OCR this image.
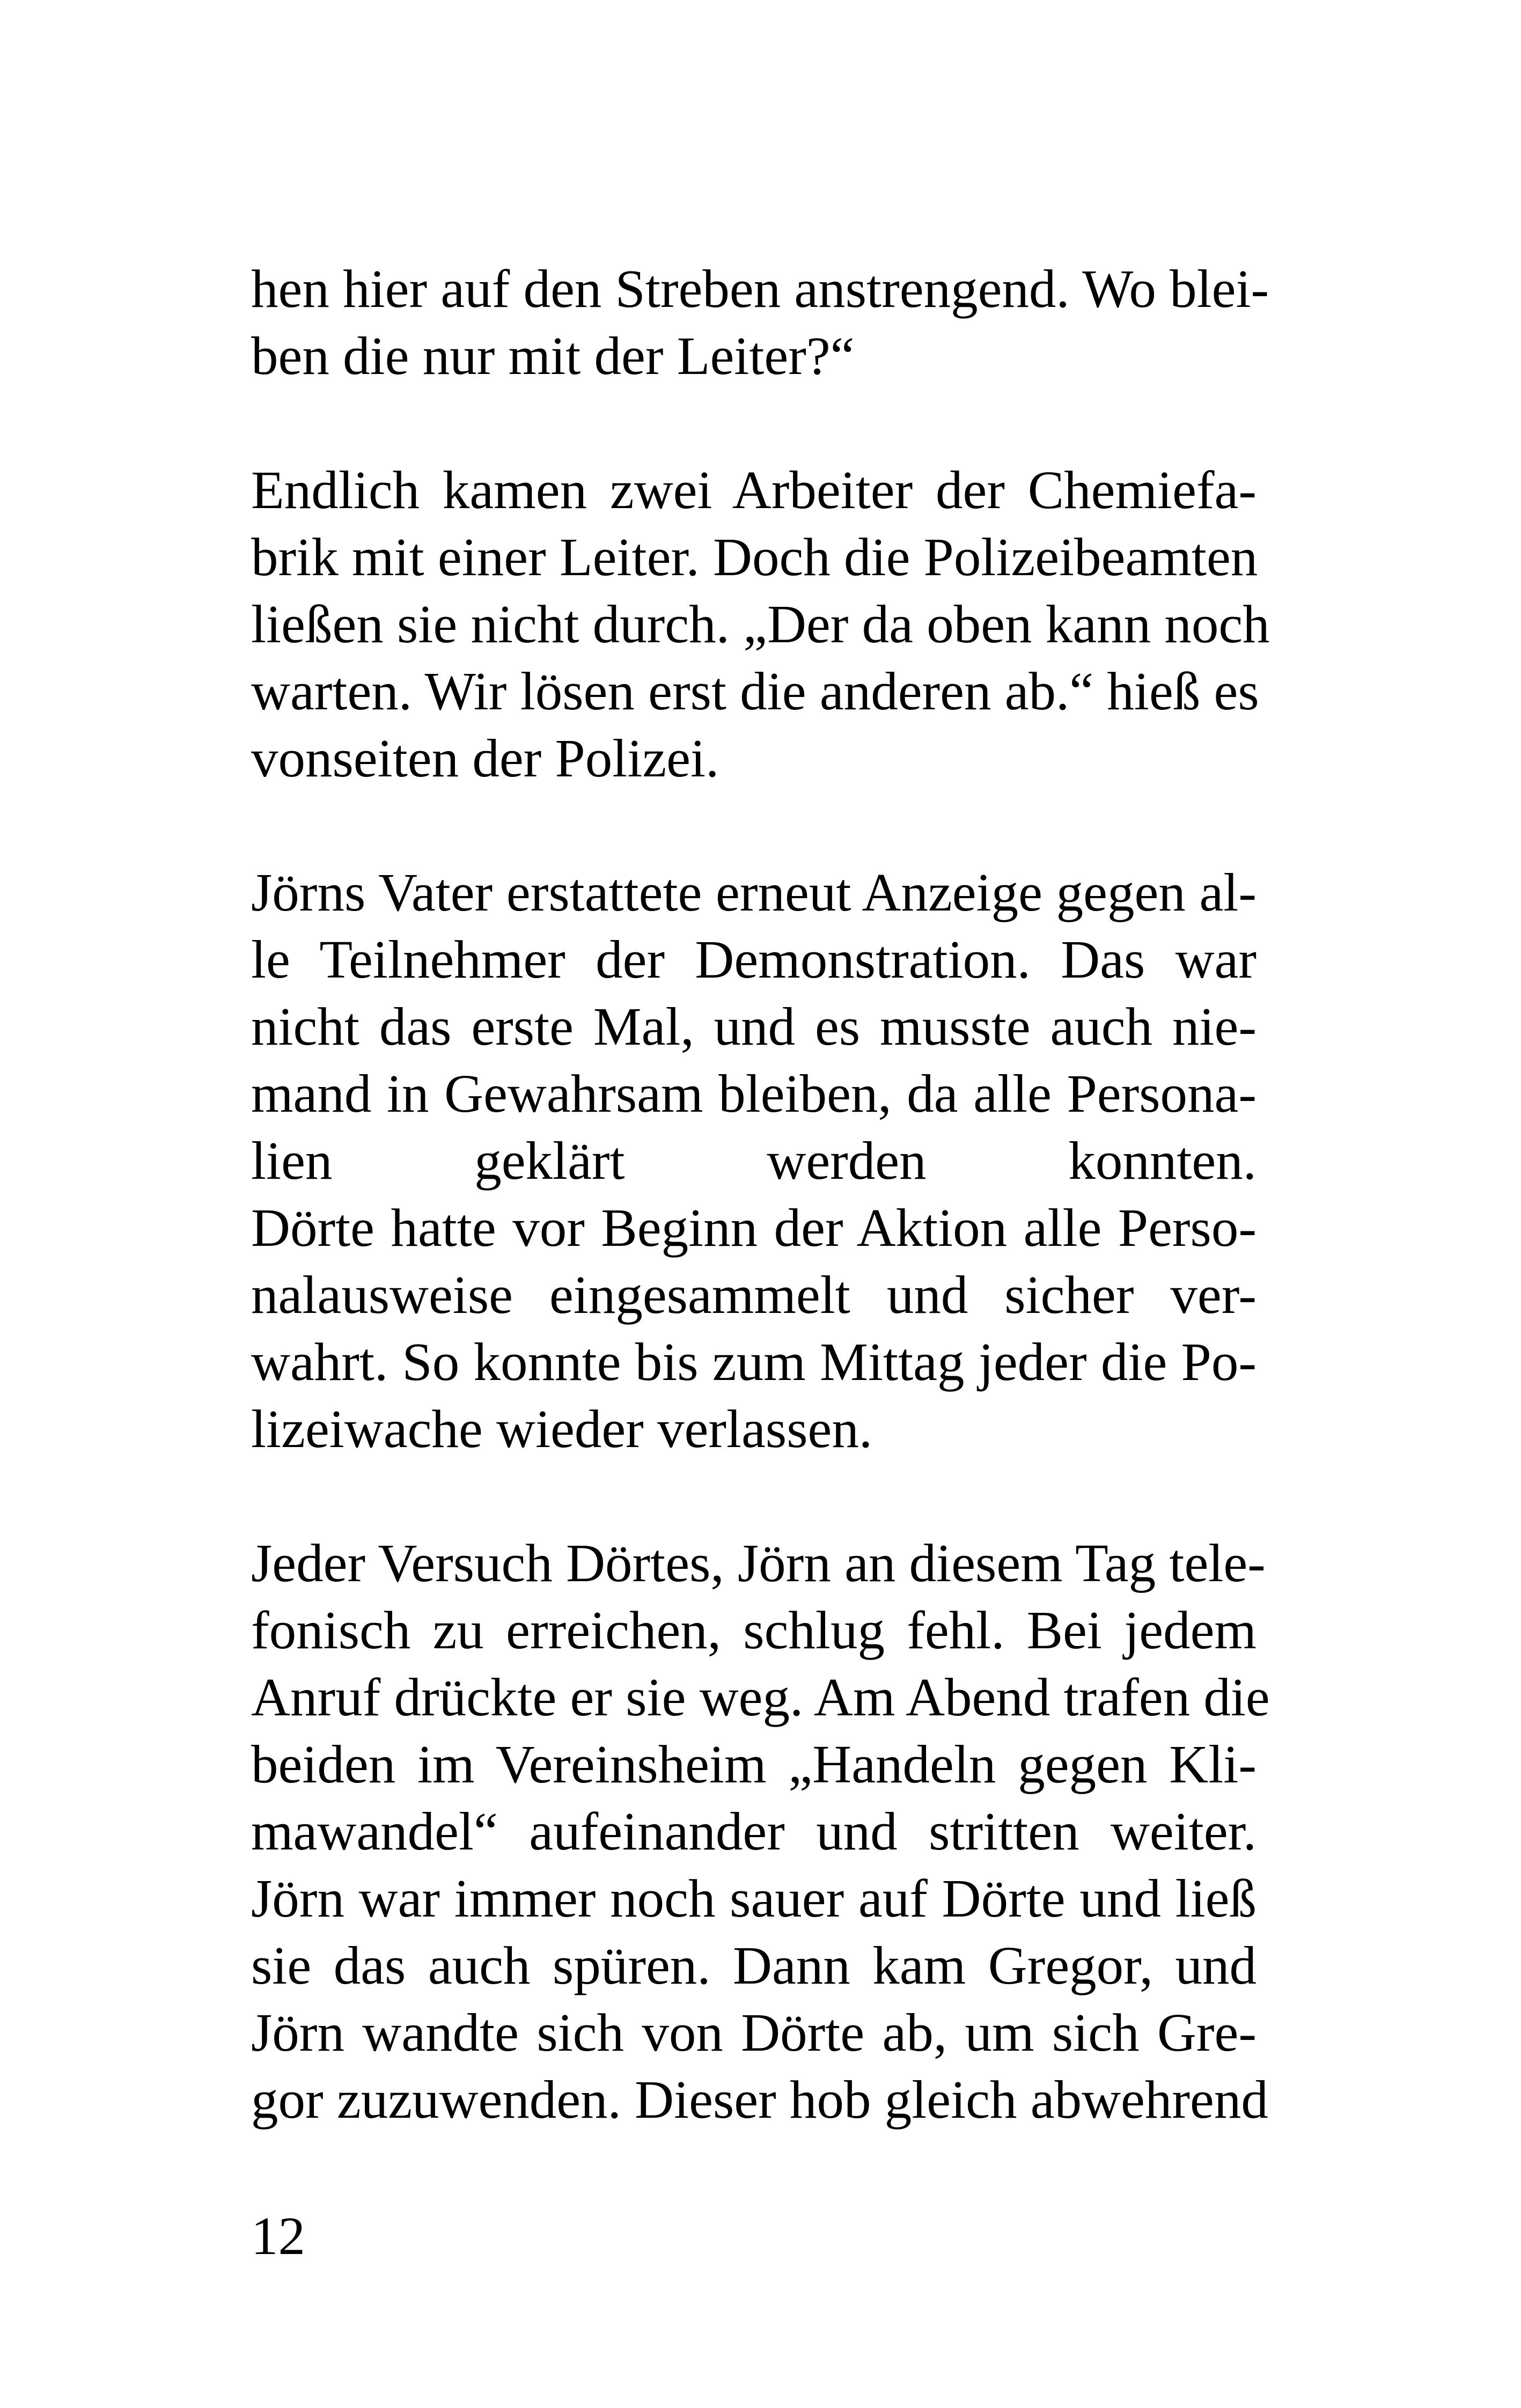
hen hier auf den Streben anstrengend. Wo blei-
ben die nur mit der Leiter?“

Endlich kamen zwei Arbeiter der Chemiefa-
brik mit einer Leiter. Doch die Polizeibeamten
ließen sie nicht durch. „Der da oben kann noch
warten. Wir lösen erst die anderen ab.“ hieß es
vonseiten der Polizei.

Jörns Vater erstattete erneut Anzeige gegen al-
le Teilnehmer der Demonstration. Das war
nicht das erste Mal, und es musste auch nie-
mand in Gewahrsam bleiben, da alle Persona-
lien geklärt werden konnten.
Dörte hatte vor Beginn der Aktion alle Perso-
nalausweise eingesammelt und sicher ver-
wahrt. So konnte bis zum Mittag jeder die Po-
lizeiwache wieder verlassen.

Jeder Versuch Dörtes, Jörn an diesem Tag tele-
fonisch zu erreichen, schlug fehl. Bei jedem
Anruf drückte er sie weg. Am Abend trafen die
beiden im Vereinsheim „Handeln gegen Kli-
mawandel“ aufeinander und stritten weiter.
Jörn war immer noch sauer auf Dörte und ließ
sie das auch spüren. Dann kam Gregor, und
Jörn wandte sich von Dörte ab, um sich Gre-
gor zuzuwenden. Dieser hob gleich abwehrend

12
